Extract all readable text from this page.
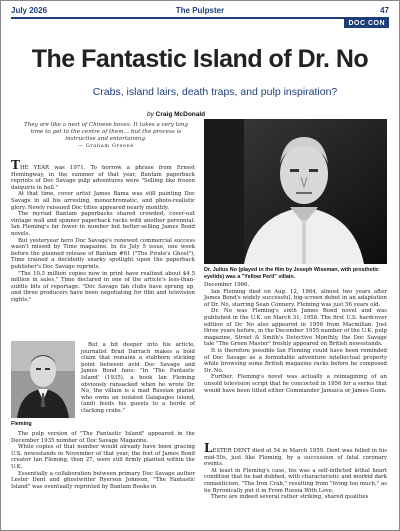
July 2026	The Pulpster	47
DOC CON
The Fantastic Island of Dr. No
Crabs, island lairs, death traps, and pulp inspiration?
by Craig McDonald
They are like a nest of Chinese boxes. It takes a very long time to get to the centre of them… but the process is instructive and entertaining.
— Graham Greene

THE YEAR was 1971. To borrow a phrase from Ernest Hemingway, in the summer of that year, Bantam paperback reprints of Doc Savage pulp adventures were "Selling like frozen daiquiris in hell."

At that time, cover artist James Bama was still painting Doc Savage in all his arresting, monochromatic, and photo-realistic glory. Newly reissued Doc titles appeared nearly monthly.

The myriad Bantam paperbacks shared crowded, cover-out vintage wall and spinner paperback racks with another perennial: Ian Fleming's far fewer in number but better-selling James Bond novels.

But yesteryear hero Doc Savage's renewed commercial success wasn't missed by Time magazine. In its July 5 issue, one week before the planned release of Bantam #61 ("The Pirate's Ghost"), Time trained a decidedly snarky spotlight upon the paperback publisher's Doc Savage reprints.

"The 10.5 million copies now in print have realized about $4.5 million in sales," Time declared in one of the article's less-than-subtle bits of reportage. "Doc Savage fan clubs have sprung up, and three producers have been negotiating for film and television rights."

Fleming

But a bit deeper into his article, journalist Brad Darrach makes a bold claim that remains a stubborn sticking point between avid Doc Savage and James Bond fans: "In 'The Fantastic Island' (1935), a book Ian Fleming obviously ransacked when he wrote Dr. No, the villain is a mad Russian pianist who owns an isolated Galapagos island, (and) feeds his guests to a horde of clacking crabs."

The pulp version of "The Fantastic Island" appeared in the December 1935 number of Doc Savage Magazine.

While copies of that number would already have been gracing U.S. newsstands in November of that year, the feet of James Bond creator Ian Fleming, then 27, were still firmly planted within the U.K.

Essentially a collaboration between primary Doc Savage author Lester Dent and ghostwriter Ryerson Johnson, "The Fantastic Island" was eventually reprinted by Bantam Books in

Dr. Julius No (played in the film by Joseph Wiseman, with prosthetic eyelids) was a "Yellow Peril" villain.

December 1966.

Ian Fleming died on Aug. 12, 1964, almost two years after James Bond's widely successful, big-screen debut in an adaptation of Dr. No, starring Sean Connery. Fleming was just 56 years old.

Dr. No was Fleming's sixth James Bond novel and was published in the U.K. on March 31, 1958. The first U.S. hardcover edition of Dr. No also appeared in 1958 from Macmillan. Just three years before, in the December 1955 number of the U.K. pulp magazine, Street & Smith's Detective Monthly, the Doc Savage tale "The Green Master" freshly appeared on British newsstands.

It is therefore possible Ian Fleming could have been reminded of Doc Savage as a formidable adventure intellectual property while browsing some British magazine racks before he composed Dr. No.

Further, Fleming's novel was actually a reimagining of an unsold television script that he concocted in 1956 for a series that would have been titled either Commander Jamaica or James Gunn.

LESTER DENT died at 54 in March 1959. Dent was felled in his mid-50s, just like Fleming, by a succession of fatal coronary events.

At least in Fleming's case, his was a self-inflicted lethal heart condition that he had dubbed, with characteristic and morbid dark romanticism, "The Iron Crab," resulting from "living too much," as he Byronically put it in From Russia With Love.

There are indeed several rather striking, shared qualities
